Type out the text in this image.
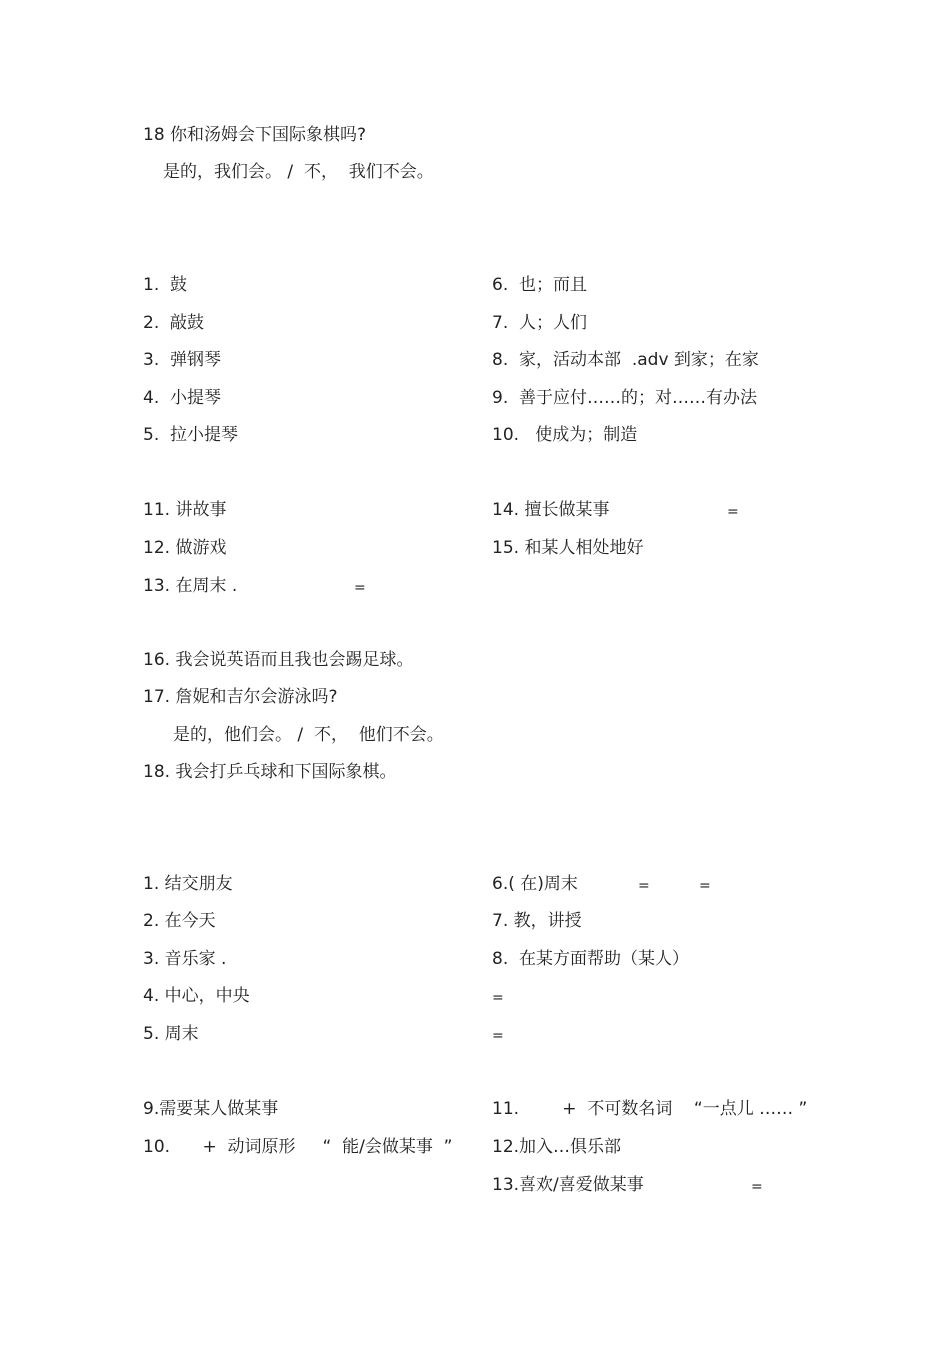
18 你和汤姆会下国际象棋吗?
是的，我们会。 /  不，  我们不会。
1.  鼓
2.  敲鼓
3.  弹钢琴
4.  小提琴
5.  拉小提琴
6.  也；而且
7.  人；人们
8.  家，活动本部  .adv 到家；在家
9.  善于应付……的；对……有办法
10.   使成为；制造
11. 讲故事
12. 做游戏
13. 在周末 .	=
14. 擅长做某事	=
15. 和某人相处地好
16. 我会说英语而且我也会踢足球。
17. 詹妮和吉尔会游泳吗?
是的，他们会。 /  不，  他们不会。
18. 我会打乒乓球和下国际象棋。
1. 结交朋友
2. 在今天
3. 音乐家 .
4. 中心，中央
5. 周末
6.( 在)周末	=	=
7. 教，讲授
8.  在某方面帮助（某人）
=
=
9.需要某人做某事
10.      +  动词原形     “  能/会做某事  ”
11.        +  不可数名词    “一点儿 …… ”
12.加入…俱乐部
13.喜欢/喜爱做某事	=
